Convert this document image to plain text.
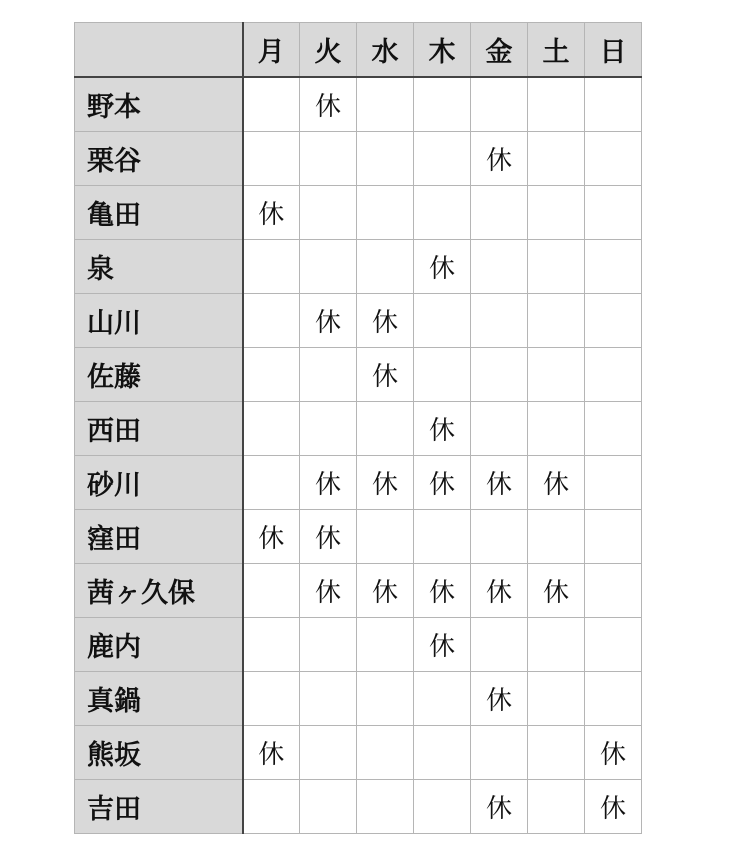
	月	火	水	木	金	土	日
野本		休					
栗谷					休		
亀田	休						
泉				休			
山川		休	休				
佐藤			休				
西田				休			
砂川		休	休	休	休	休	
窪田	休	休					
茜ヶ久保		休	休	休	休	休	
鹿内				休			
真鍋					休		
熊坂	休						休
吉田					休		休
